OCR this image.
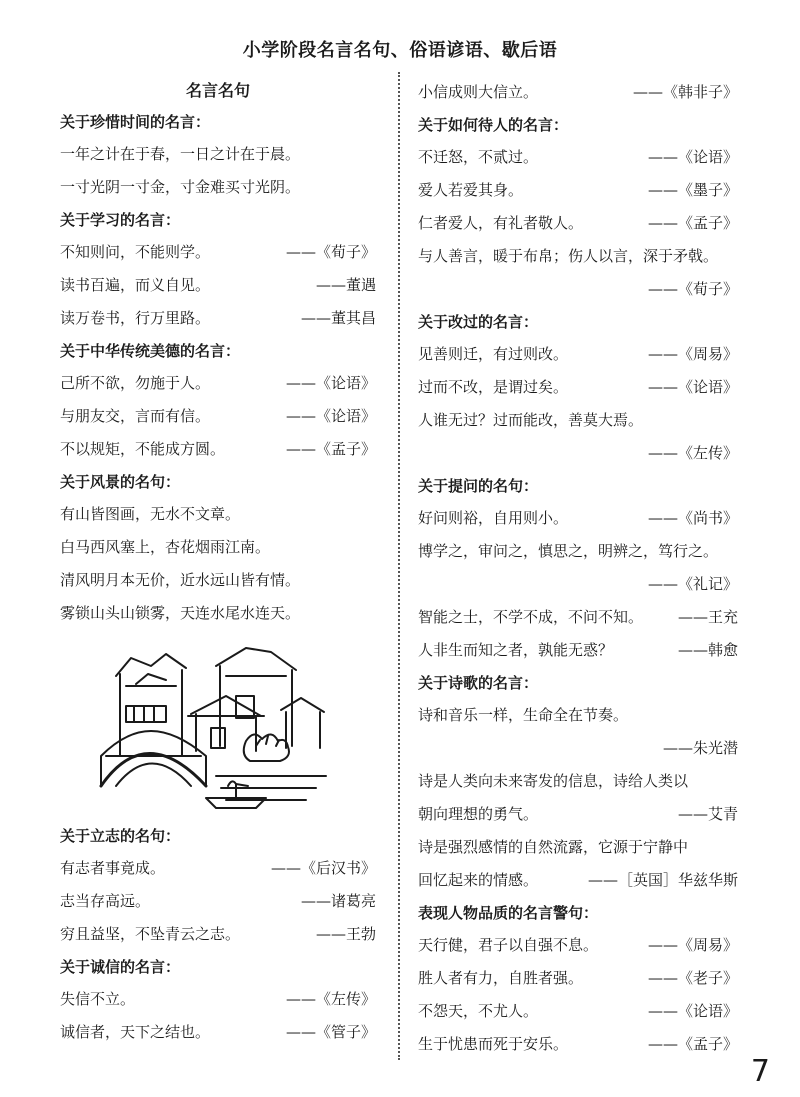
小学阶段名言名句、俗语谚语、歇后语
名言名句
关于珍惜时间的名言：
一年之计在于春，一日之计在于晨。
一寸光阴一寸金，寸金难买寸光阴。
关于学习的名言：
不知则问，不能则学。	——《荀子》
读书百遍，而义自见。	——董遇
读万卷书，行万里路。	——董其昌
关于中华传统美德的名言：
己所不欲，勿施于人。	——《论语》
与朋友交，言而有信。	——《论语》
不以规矩，不能成方圆。	——《孟子》
关于风景的名句：
有山皆图画，无水不文章。
白马西风塞上，杏花烟雨江南。
清风明月本无价，近水远山皆有情。
雾锁山头山锁雾，天连水尾水连天。
关于立志的名句：
有志者事竟成。	——《后汉书》
志当存高远。	——诸葛亮
穷且益坚，不坠青云之志。	——王勃
关于诚信的名言：
失信不立。	——《左传》
诚信者，天下之结也。	——《管子》
小信成则大信立。	——《韩非子》
关于如何待人的名言：
不迁怒，不贰过。	——《论语》
爱人若爱其身。	——《墨子》
仁者爱人，有礼者敬人。	——《孟子》
与人善言，暖于布帛；伤人以言，深于矛戟。
——《荀子》
关于改过的名言：
见善则迁，有过则改。	——《周易》
过而不改，是谓过矣。	——《论语》
人谁无过？过而能改，善莫大焉。
——《左传》
关于提问的名句：
好问则裕，自用则小。	——《尚书》
博学之，审问之，慎思之，明辨之，笃行之。
——《礼记》
智能之士，不学不成，不问不知。 ——王充
人非生而知之者，孰能无惑？	——韩愈
关于诗歌的名言：
诗和音乐一样，生命全在节奏。
——朱光潜
诗是人类向未来寄发的信息，诗给人类以
朝向理想的勇气。	——艾青
诗是强烈感情的自然流露，它源于宁静中
回忆起来的情感。	——［英国］华兹华斯
表现人物品质的名言警句：
天行健，君子以自强不息。	——《周易》
胜人者有力，自胜者强。	——《老子》
不怨天，不尤人。	——《论语》
生于忧患而死于安乐。	——《孟子》
7
